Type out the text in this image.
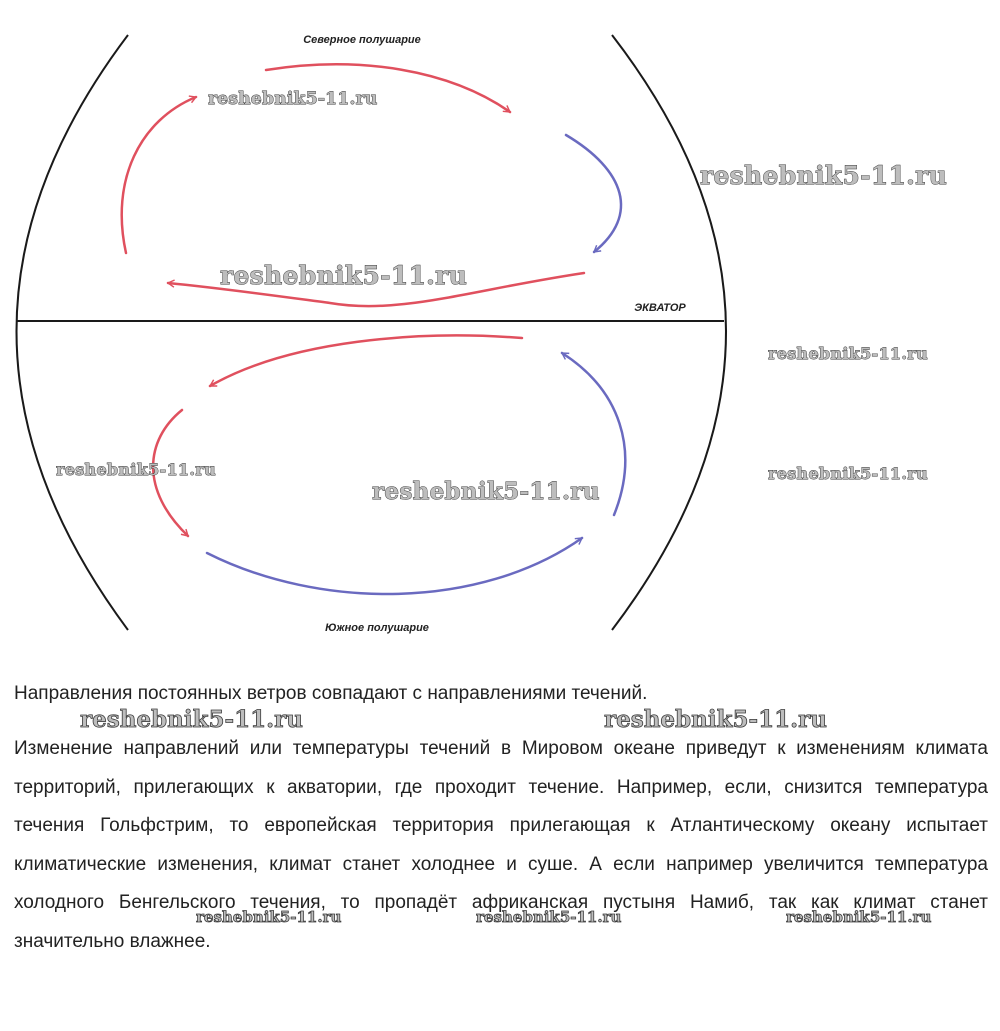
Северное полушарие
Южное полушарие
ЭКВАТОР
reshebnik5-11.ru
reshebnik5-11.ru
reshebnik5-11.ru
reshebnik5-11.ru
reshebnik5-11.ru	reshebnik5-11.ru
reshebnik5-11.ru

Направления постоянных ветров совпадают с направлениями течений.

Изменение направлений или температуры течений в Мировом океане приведут к изменениям климата территорий, прилегающих к акватории, где проходит течение. Например, если, снизится температура течения Гольфстрим, то европейская территория прилегающая к Атлантическому океану испытает климатические изменения, климат станет холоднее и суше. А если например увеличится температура холодного Бенгельского течения, то пропадёт африканская пустыня Намиб, так как климат станет значительно влажнее.

reshebnik5-11.ru	reshebnik5-11.ru
reshebnik5-11.ru	reshebnik5-11.ru	reshebnik5-11.ru
